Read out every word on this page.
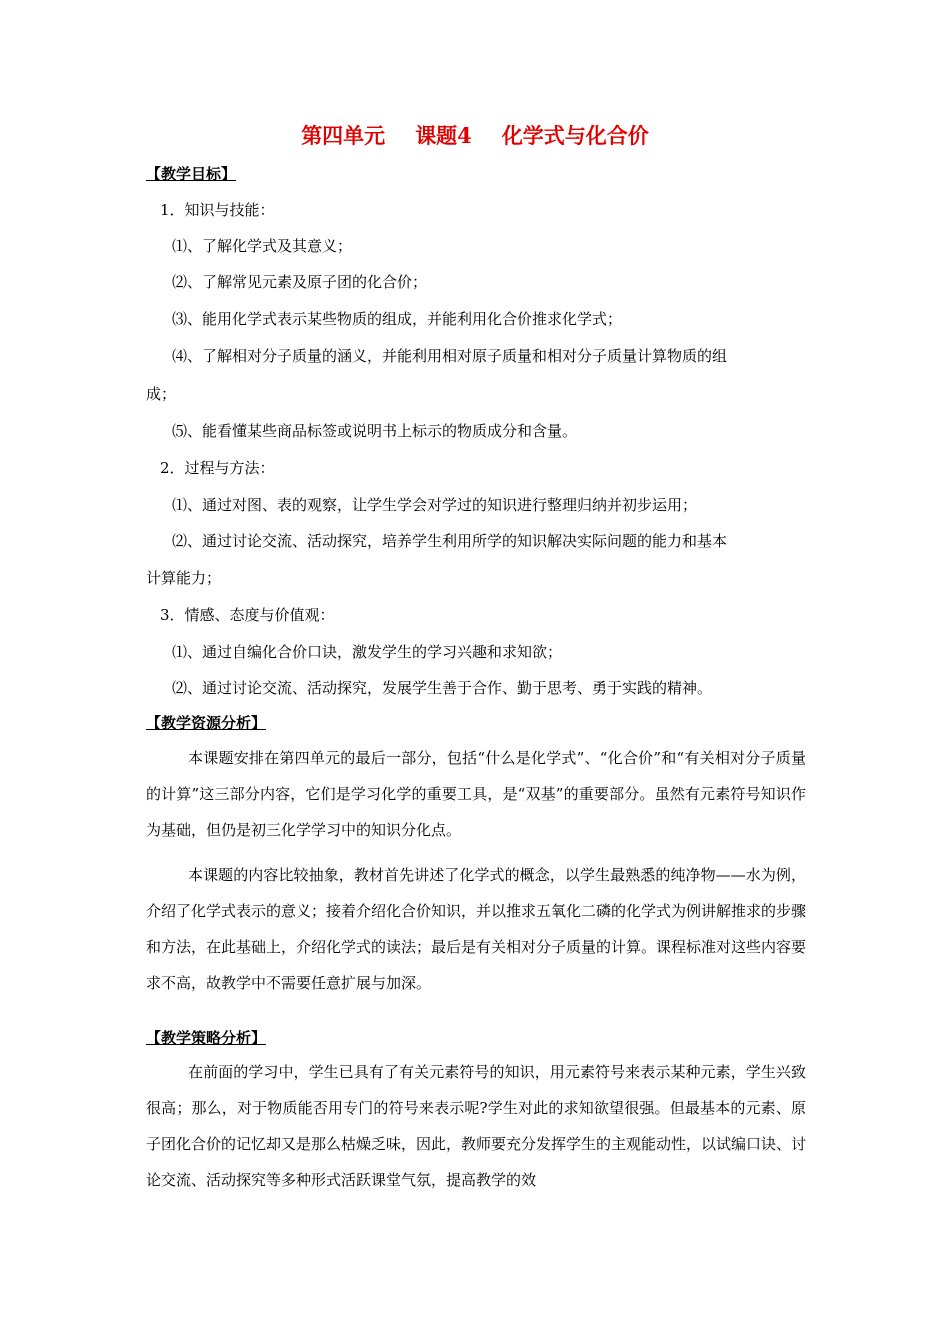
第四单元 课题4 化学式与化合价
【教学目标】
1．知识与技能：
⑴、了解化学式及其意义；
⑵、了解常见元素及原子团的化合价；
⑶、能用化学式表示某些物质的组成，并能利用化合价推求化学式；
⑷、了解相对分子质量的涵义，并能利用相对原子质量和相对分子质量计算物质的组
成；
⑸、能看懂某些商品标签或说明书上标示的物质成分和含量。
2．过程与方法：
⑴、通过对图、表的观察，让学生学会对学过的知识进行整理归纳并初步运用；
⑵、通过讨论交流、活动探究，培养学生利用所学的知识解决实际问题的能力和基本
计算能力；
3．情感、态度与价值观：
⑴、通过自编化合价口诀，激发学生的学习兴趣和求知欲；
⑵、通过讨论交流、活动探究，发展学生善于合作、勤于思考、勇于实践的精神。
【教学资源分析】
本课题安排在第四单元的最后一部分，包括“什么是化学式”、“化合价”和“有关相对分子质量的计算”这三部分内容，它们是学习化学的重要工具，是“双基”的重要部分。虽然有元素符号知识作为基础，但仍是初三化学学习中的知识分化点。
本课题的内容比较抽象，教材首先讲述了化学式的概念，以学生最熟悉的纯净物——水为例，介绍了化学式表示的意义；接着介绍化合价知识，并以推求五氧化二磷的化学式为例讲解推求的步骤和方法，在此基础上，介绍化学式的读法；最后是有关相对分子质量的计算。课程标准对这些内容要求不高，故教学中不需要任意扩展与加深。
【教学策略分析】
在前面的学习中，学生已具有了有关元素符号的知识，用元素符号来表示某种元素，学生兴致很高；那么，对于物质能否用专门的符号来表示呢?学生对此的求知欲望很强。但最基本的元素、原子团化合价的记忆却又是那么枯燥乏味，因此，教师要充分发挥学生的主观能动性，以试编口诀、讨论交流、活动探究等多种形式活跃课堂气氛，提高教学的效
